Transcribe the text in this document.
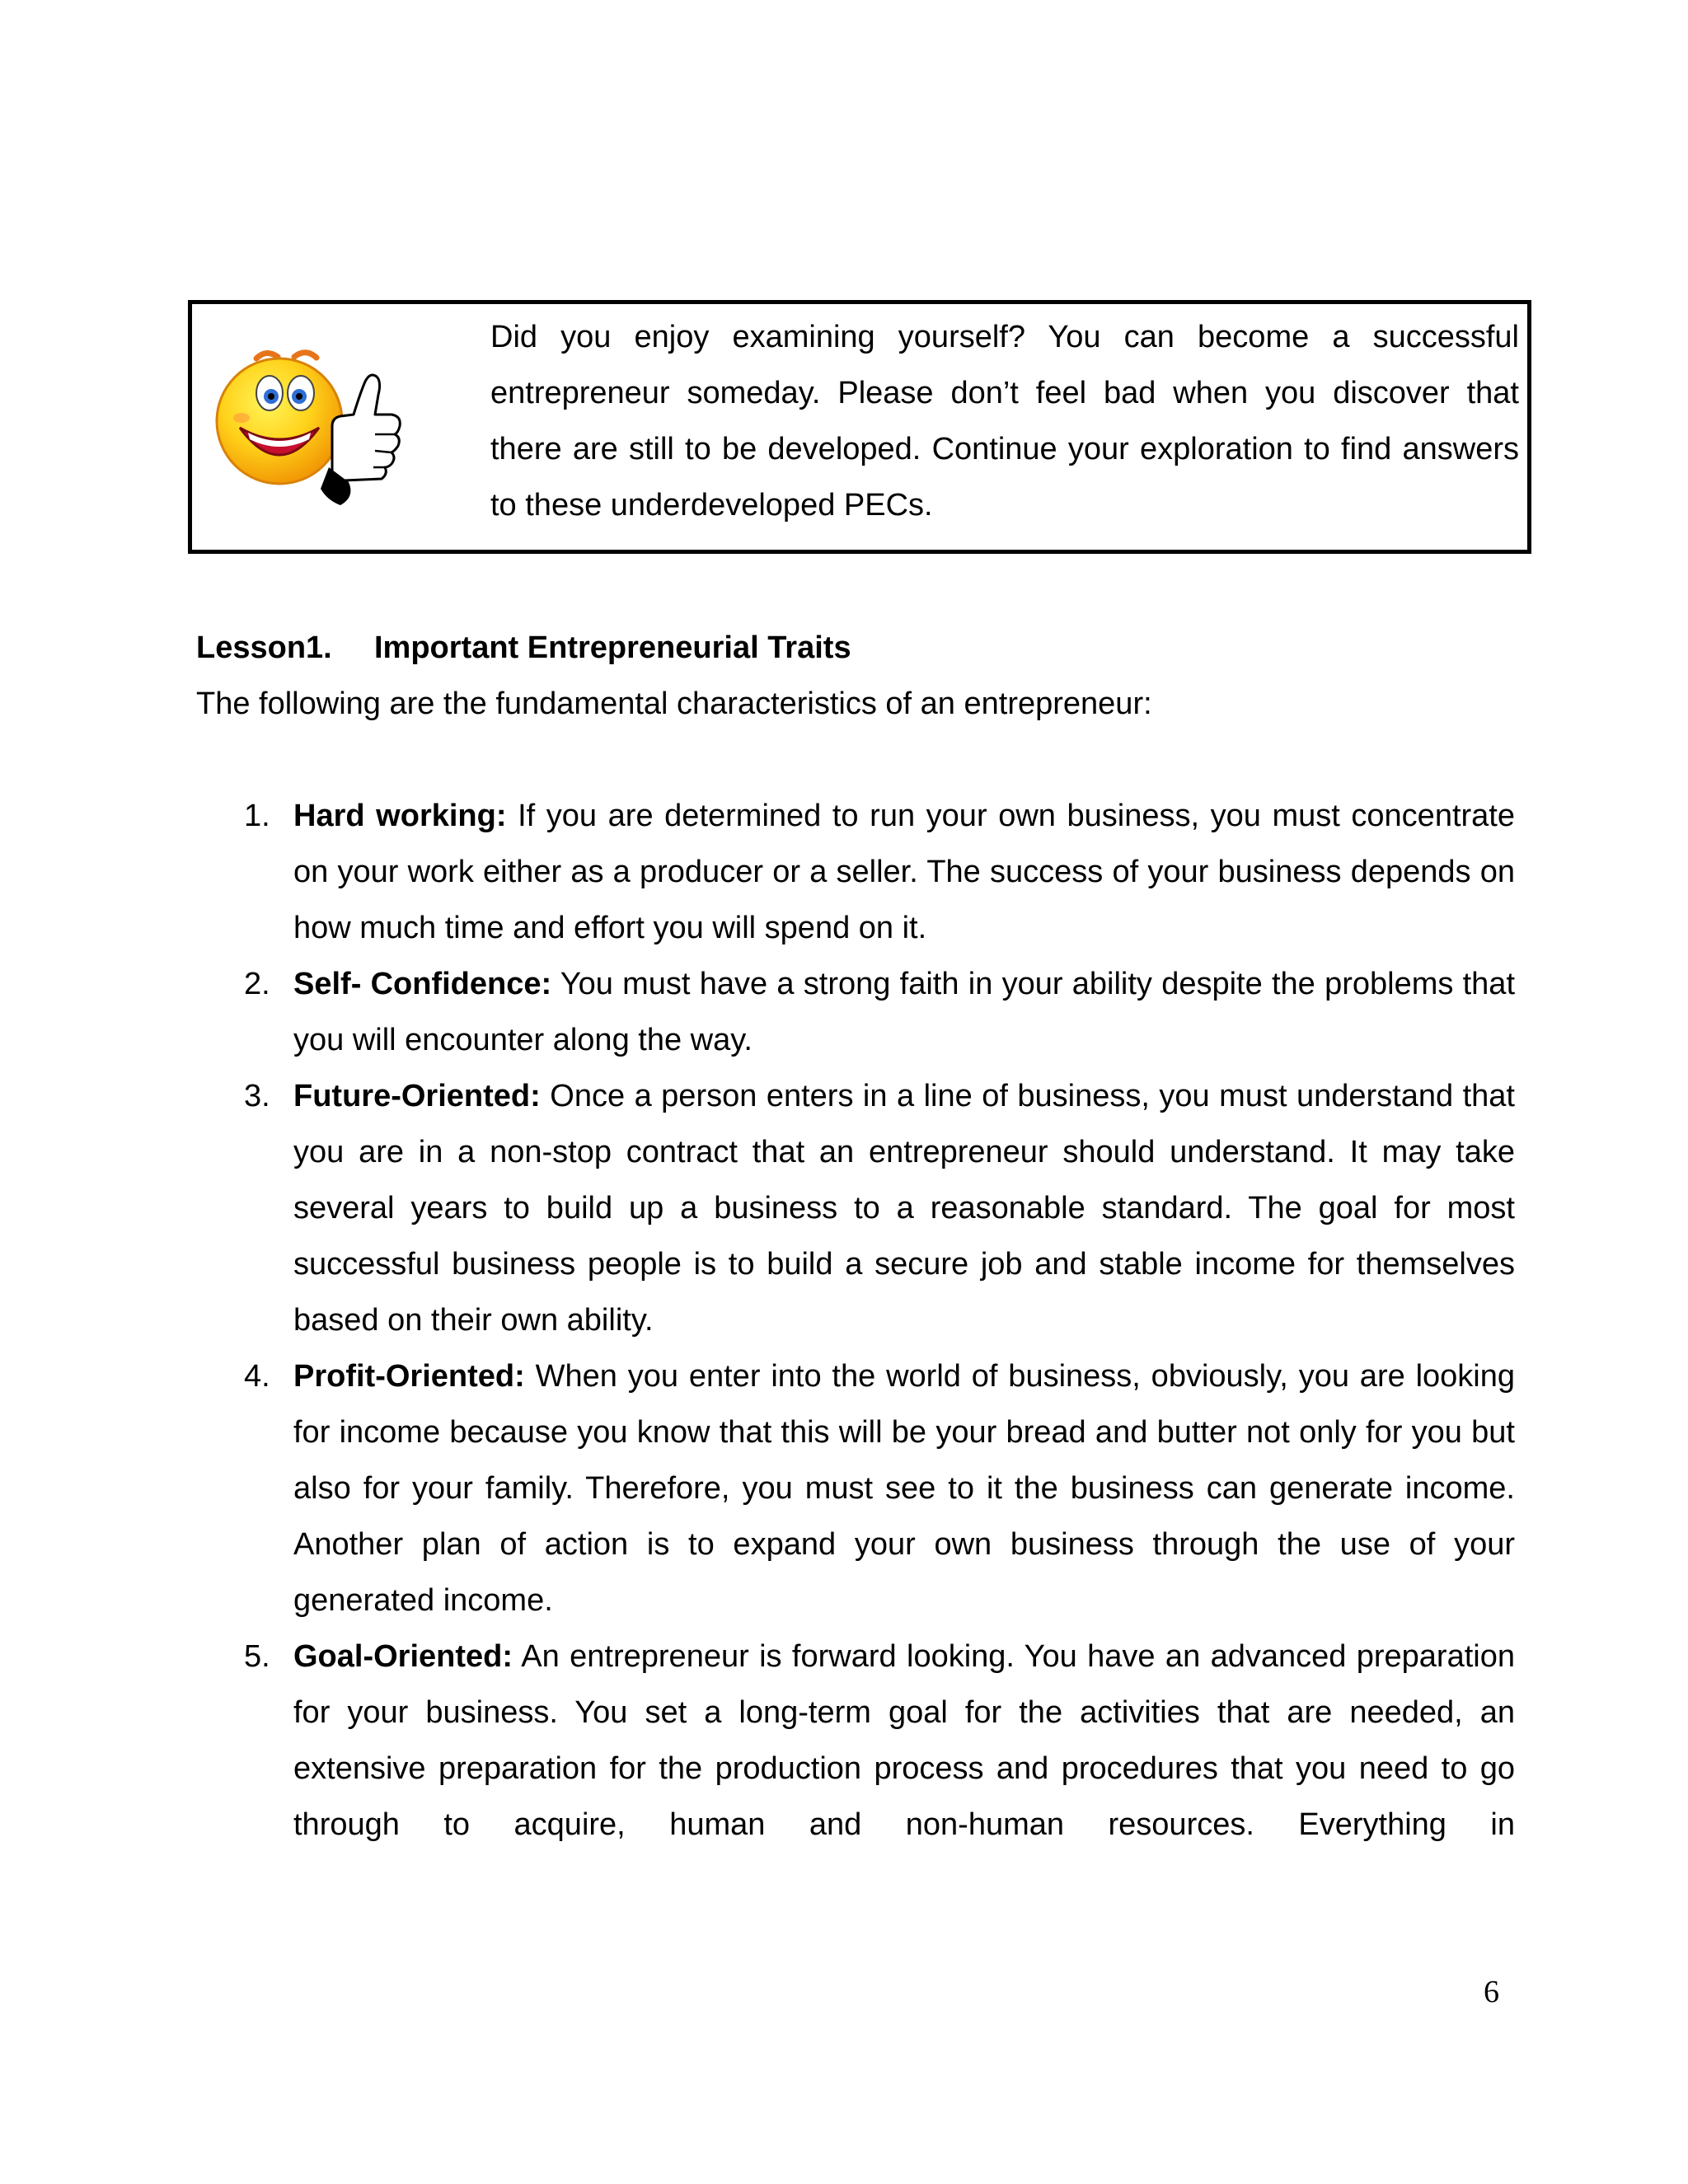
Did you enjoy examining yourself? You can become a successful entrepreneur someday. Please don’t feel bad when you discover that there are still to be developed. Continue your exploration to find answers to these underdeveloped PECs.

Lesson1. Important Entrepreneurial Traits

The following are the fundamental characteristics of an entrepreneur:

1. Hard working: If you are determined to run your own business, you must concentrate on your work either as a producer or a seller. The success of your business depends on how much time and effort you will spend on it.
2. Self- Confidence: You must have a strong faith in your ability despite the problems that you will encounter along the way.
3. Future-Oriented: Once a person enters in a line of business, you must understand that you are in a non-stop contract that an entrepreneur should understand. It may take several years to build up a business to a reasonable standard. The goal for most successful business people is to build a secure job and stable income for themselves based on their own ability.
4. Profit-Oriented: When you enter into the world of business, obviously, you are looking for income because you know that this will be your bread and butter not only for you but also for your family. Therefore, you must see to it the business can generate income. Another plan of action is to expand your own business through the use of your generated income.
5. Goal-Oriented: An entrepreneur is forward looking. You have an advanced preparation for your business. You set a long-term goal for the activities that are needed, an extensive preparation for the production process and procedures that you need to go through to acquire, human and non-human resources. Everything in

6
